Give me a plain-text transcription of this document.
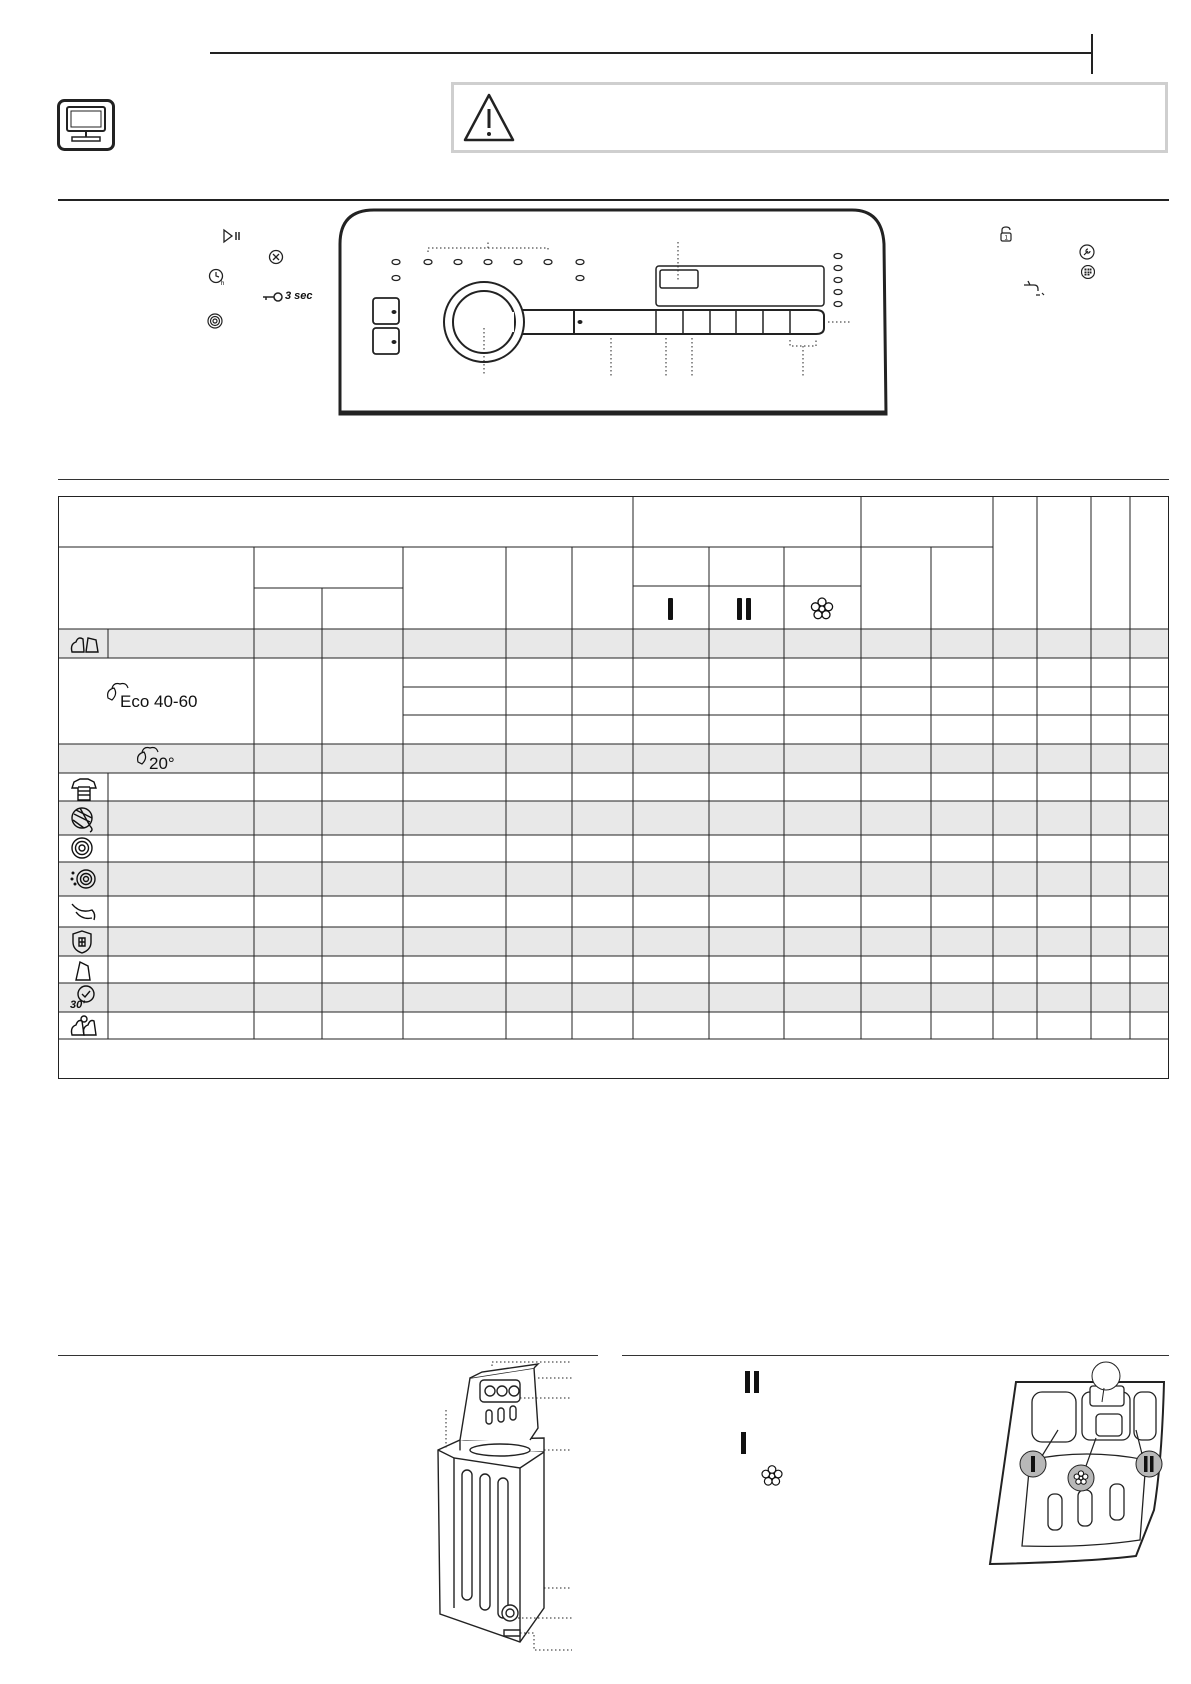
h
3 sec
1
Eco 40-60
20°
30'
